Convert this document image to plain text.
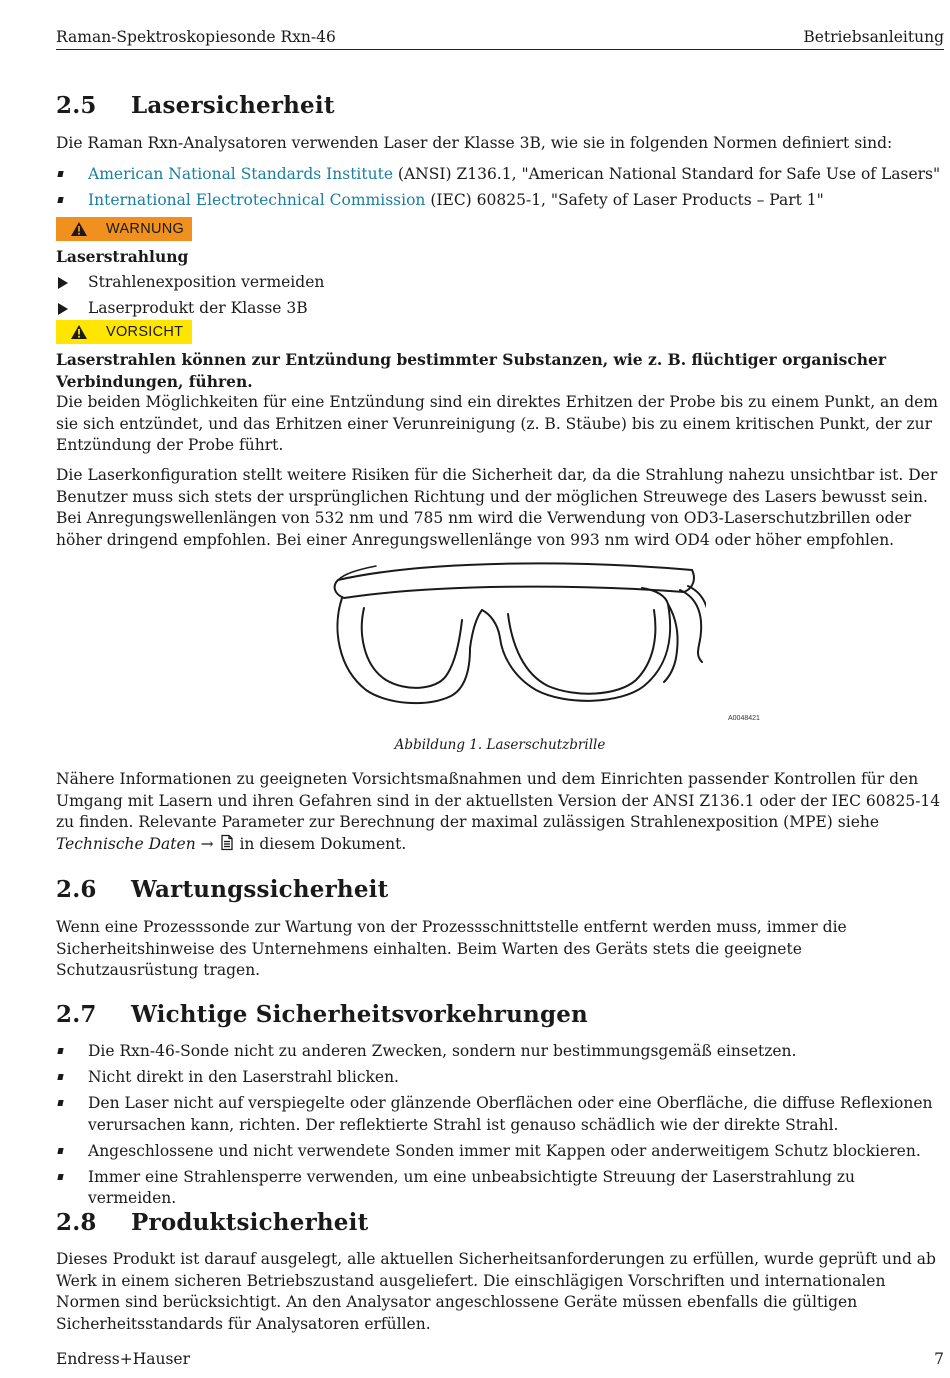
Raman-Spektroskopiesonde Rxn-46	Betriebsanleitung
2.5 Lasersicherheit

Die Raman Rxn-Analysatoren verwenden Laser der Klasse 3B, wie sie in folgenden Normen definiert sind:

American National Standards Institute (ANSI) Z136.1, "American National Standard for Safe Use of Lasers"
International Electrotechnical Commission (IEC) 60825-1, "Safety of Laser Products – Part 1"
WARNUNG

Laserstrahlung

Strahlenexposition vermeiden
Laserprodukt der Klasse 3B
VORSICHT

Laserstrahlen können zur Entzündung bestimmter Substanzen, wie z. B. flüchtiger organischer Verbindungen, führen.

Die beiden Möglichkeiten für eine Entzündung sind ein direktes Erhitzen der Probe bis zu einem Punkt, an dem sie sich entzündet, und das Erhitzen einer Verunreinigung (z. B. Stäube) bis zu einem kritischen Punkt, der zur Entzündung der Probe führt.

Die Laserkonfiguration stellt weitere Risiken für die Sicherheit dar, da die Strahlung nahezu unsichtbar ist. Der Benutzer muss sich stets der ursprünglichen Richtung und der möglichen Streuwege des Lasers bewusst sein. Bei Anregungswellenlängen von 532 nm und 785 nm wird die Verwendung von OD3-Laserschutzbrillen oder höher dringend empfohlen. Bei einer Anregungswellenlänge von 993 nm wird OD4 oder höher empfohlen.

A0048421
Abbildung 1. Laserschutzbrille

Nähere Informationen zu geeigneten Vorsichtsmaßnahmen und dem Einrichten passender Kontrollen für den Umgang mit Lasern und ihren Gefahren sind in der aktuellsten Version der ANSI Z136.1 oder der IEC 60825-14 zu finden. Relevante Parameter zur Berechnung der maximal zulässigen Strahlenexposition (MPE) siehe Technische Daten →  in diesem Dokument.

2.6 Wartungssicherheit

Wenn eine Prozesssonde zur Wartung von der Prozessschnittstelle entfernt werden muss, immer die Sicherheitshinweise des Unternehmens einhalten. Beim Warten des Geräts stets die geeignete Schutzausrüstung tragen.

2.7 Wichtige Sicherheitsvorkehrungen
Die Rxn-46-Sonde nicht zu anderen Zwecken, sondern nur bestimmungsgemäß einsetzen.
Nicht direkt in den Laserstrahl blicken.
Den Laser nicht auf verspiegelte oder glänzende Oberflächen oder eine Oberfläche, die diffuse Reflexionen verursachen kann, richten. Der reflektierte Strahl ist genauso schädlich wie der direkte Strahl.
Angeschlossene und nicht verwendete Sonden immer mit Kappen oder anderweitigem Schutz blockieren.
Immer eine Strahlensperre verwenden, um eine unbeabsichtigte Streuung der Laserstrahlung zu vermeiden.
2.8 Produktsicherheit

Dieses Produkt ist darauf ausgelegt, alle aktuellen Sicherheitsanforderungen zu erfüllen, wurde geprüft und ab Werk in einem sicheren Betriebszustand ausgeliefert. Die einschlägigen Vorschriften und internationalen Normen sind berücksichtigt. An den Analysator angeschlossene Geräte müssen ebenfalls die gültigen Sicherheitsstandards für Analysatoren erfüllen.

Endress+Hauser	7
